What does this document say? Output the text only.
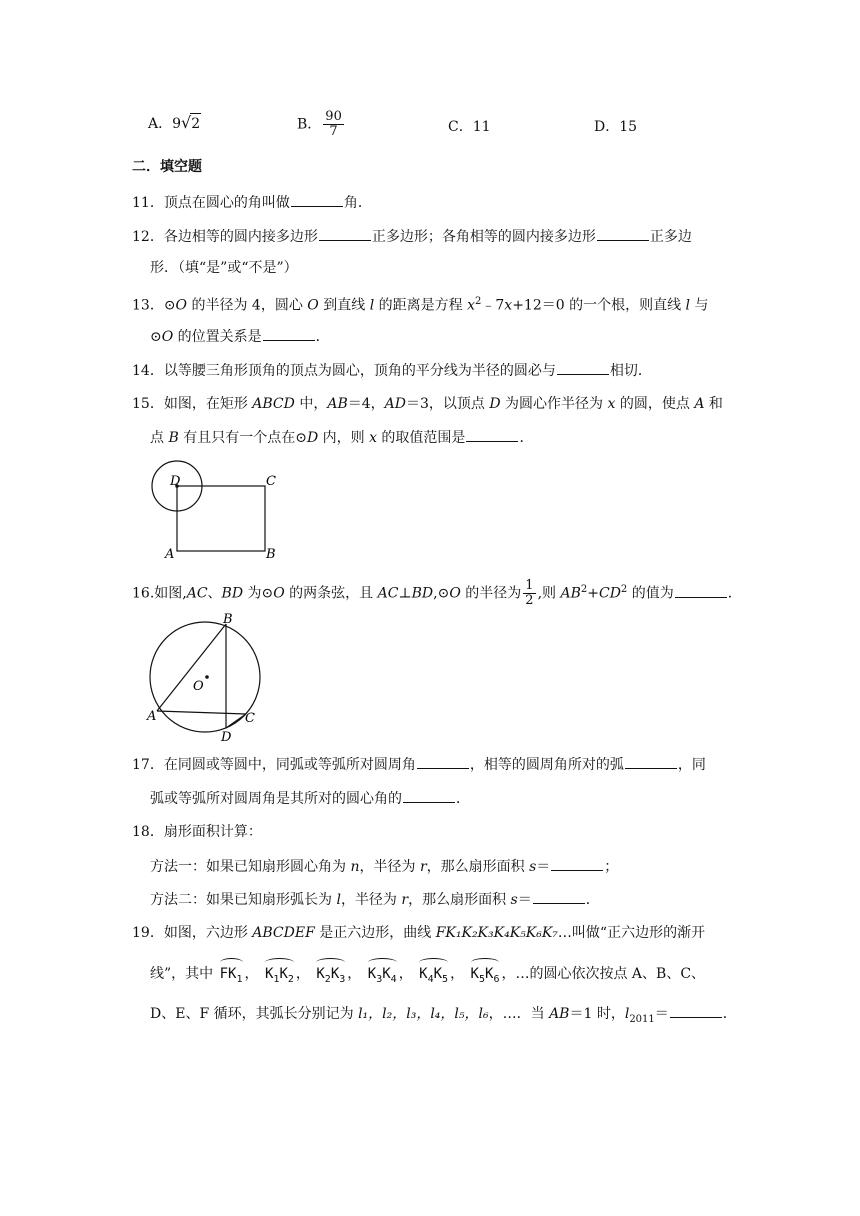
A．9√2	B． $\frac{90}{7}$	C．11	D．15
二．填空题
11．顶点在圆心的角叫做	角．
12．各边相等的圆内接多边形	正多边形；各角相等的圆内接多边形	正多边
形．（填“是”或“不是”）
13．⊙O 的半径为 4，圆心 O 到直线 l 的距离是方程 $x^2﹣7x+12=0$ 的一个根，则直线 l 与
⊙O 的位置关系是	．
14．以等腰三角形顶角的顶点为圆心，顶角的平分线为半径的圆必与	相切．
15．如图，在矩形 ABCD 中，AB＝4，AD＝3，以顶点 D 为圆心作半径为 x 的圆，使点 A 和
点 B 有且只有一个点在⊙D 内，则 x 的取值范围是	．
D	C
A	B
16.如图,AC、BD 为⊙O 的两条弦，且 AC⊥BD,⊙O 的半径为 $\frac{1}{2}$ ,则 $AB^2+CD^2$ 的值为	．
B
O
A	C
D
17．在同圆或等圆中，同弧或等弧所对圆周角	，相等的圆周角所对的弧	，同
弧或等弧所对圆周角是其所对的圆心角的	．
18．扇形面积计算：
方法一：如果已知扇形圆心角为 n，半径为 r，那么扇形面积 s＝	；
方法二：如果已知扇形弧长为 l，半径为 r，那么扇形面积 s＝	．
19．如图，六边形 ABCDEF 是正六边形，曲线 FK₁K₂K₃K₄K₅K₆K₇…叫做“正六边形的渐开
线”，其中 $FK_1$ ， $K_1K_2$ ， $K_2K_3$ ， $K_3K_4$ ， $K_4K_5$ ， $K_5K_6$ ，…的圆心依次按点 A、B、C、
D、E、F 循环，其弧长分别记为 l₁，l₂，l₃，l₄，l₅，l₆，…．当 AB＝1 时，$l_{2011}=$	．
